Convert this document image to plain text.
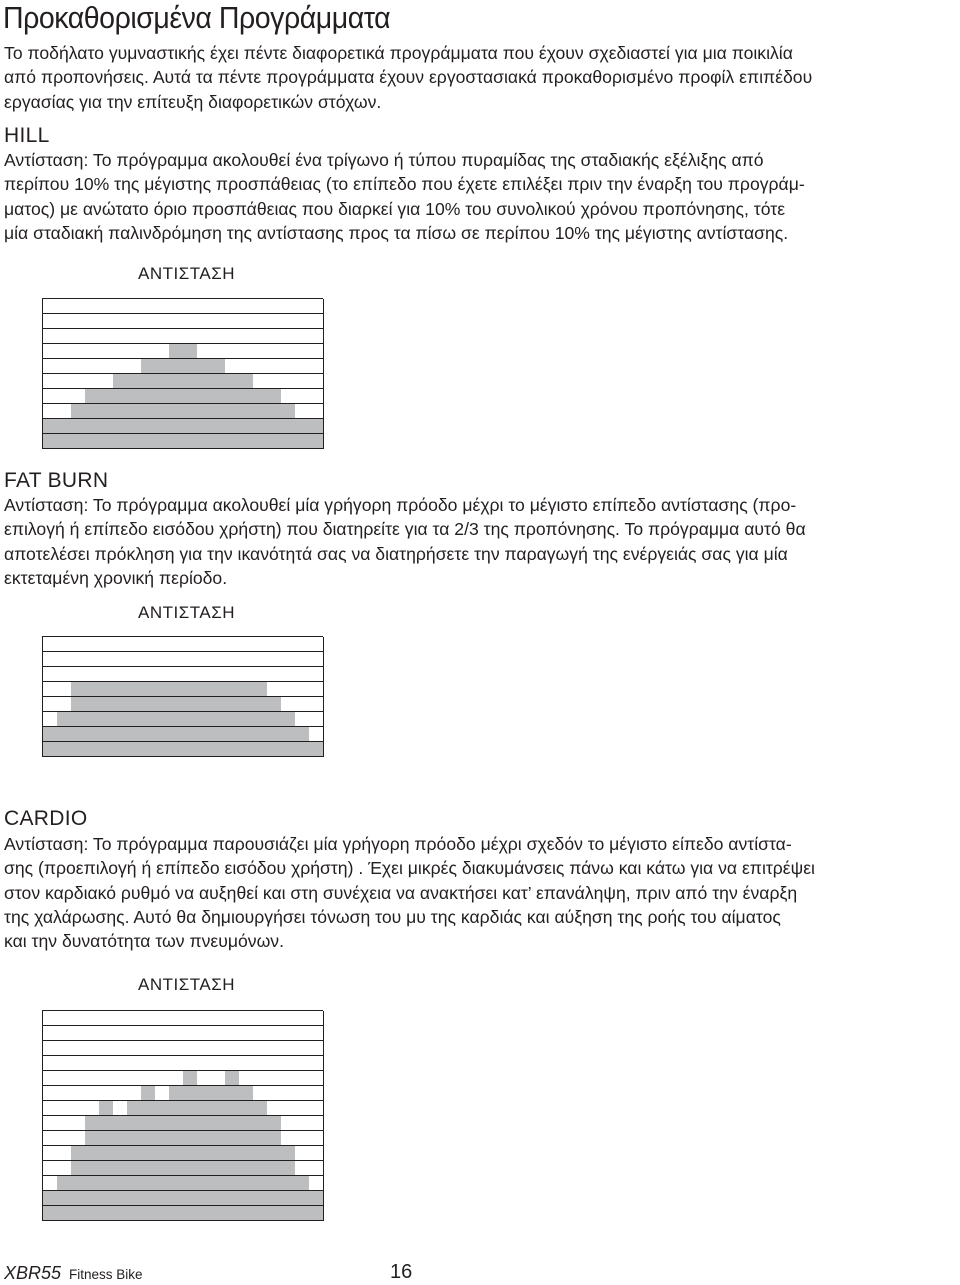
Προκαθορισμένα Προγράμματα

Το ποδήλατο γυμναστικής έχει πέντε διαφορετικά προγράμματα που έχουν σχεδιαστεί για μια ποικιλία
από προπονήσεις. Αυτά τα πέντε προγράμματα έχουν εργοστασιακά προκαθορισμένο προφίλ επιπέδου
εργασίας για την επίτευξη διαφορετικών στόχων.

HILL

Αντίσταση: Το πρόγραμμα ακολουθεί ένα τρίγωνο ή τύπου πυραμίδας της σταδιακής εξέλιξης από
περίπου 10% της μέγιστης προσπάθειας (το επίπεδο που έχετε επιλέξει πριν την έναρξη του προγράμ-
ματος) με ανώτατο όριο προσπάθειας που διαρκεί για 10% του συνολικού χρόνου προπόνησης, τότε
μία σταδιακή παλινδρόμηση της αντίστασης προς τα πίσω σε περίπου 10% της μέγιστης αντίστασης.

ΑΝΤΙΣΤΑΣΗ
FAT BURN

Αντίσταση: Το πρόγραμμα ακολουθεί μία γρήγορη πρόοδο μέχρι το μέγιστο επίπεδο αντίστασης (προ-
επιλογή ή επίπεδο εισόδου χρήστη) που διατηρείτε για τα 2/3 της προπόνησης. Το πρόγραμμα αυτό θα
αποτελέσει πρόκληση για την ικανότητά σας να διατηρήσετε την παραγωγή της ενέργειάς σας για μία
εκτεταμένη χρονική περίοδο.

ΑΝΤΙΣΤΑΣΗ
CARDIO

Αντίσταση: Το πρόγραμμα παρουσιάζει μία γρήγορη πρόοδο μέχρι σχεδόν το μέγιστο είπεδο αντίστα-
σης (προεπιλογή ή επίπεδο εισόδου χρήστη) . Έχει μικρές διακυμάνσεις πάνω και κάτω για να επιτρέψει
στον καρδιακό ρυθμό να αυξηθεί και στη συνέχεια να ανακτήσει κατ’ επανάληψη, πριν από την έναρξη
της χαλάρωσης. Αυτό θα δημιουργήσει τόνωση του μυ της καρδιάς και αύξηση της ροής του αίματος
και την δυνατότητα των πνευμόνων.

ΑΝΤΙΣΤΑΣΗ
XBR55 Fitness Bike	16
